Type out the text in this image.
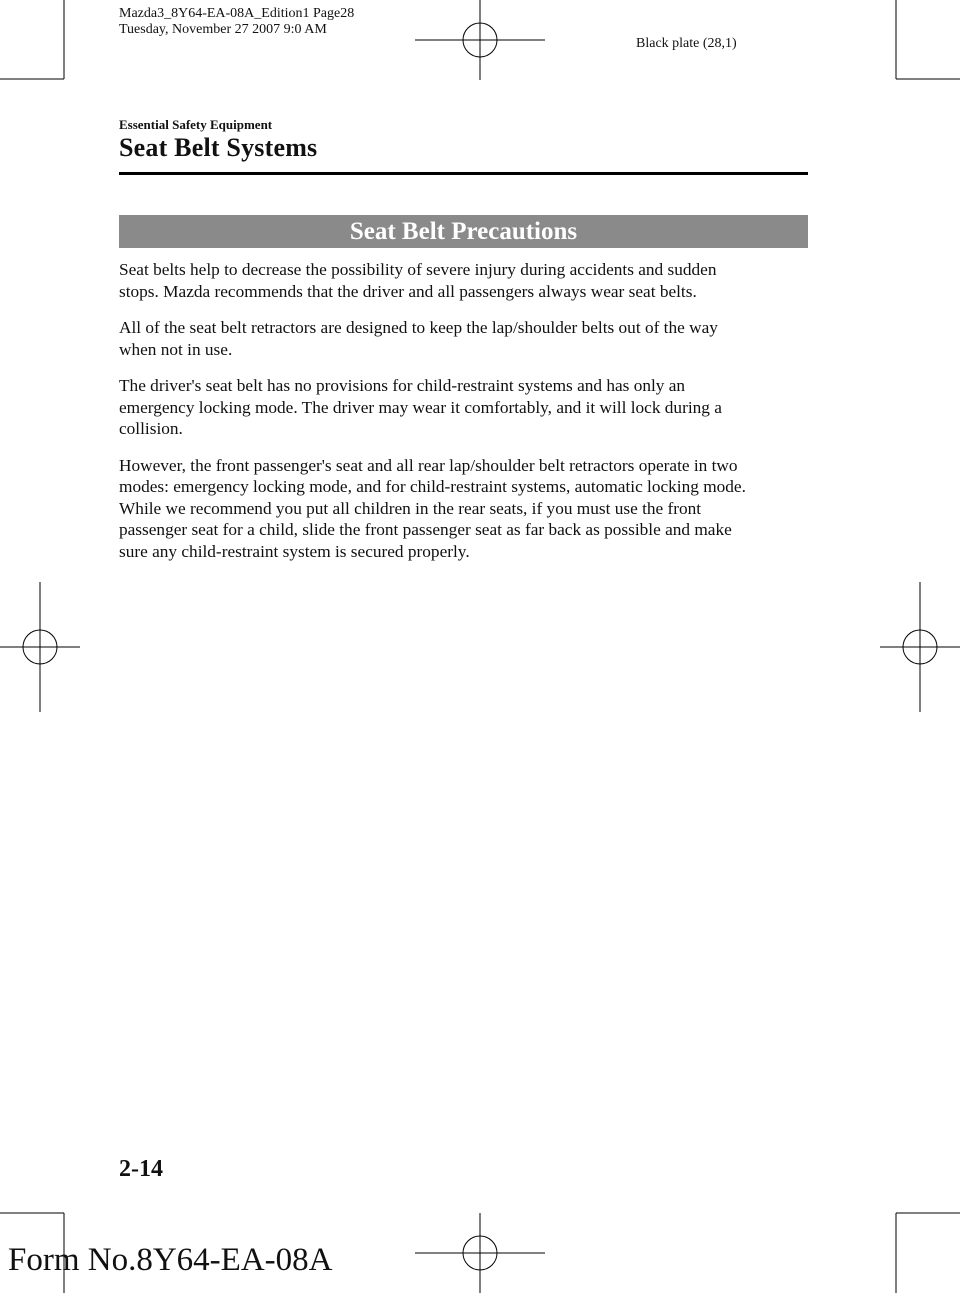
Mazda3_8Y64-EA-08A_Edition1 Page28
Tuesday, November 27 2007 9:0 AM
Black plate (28,1)
Essential Safety Equipment
Seat Belt Systems
Seat Belt Precautions

Seat belts help to decrease the possibility of severe injury during accidents and sudden
stops. Mazda recommends that the driver and all passengers always wear seat belts.

All of the seat belt retractors are designed to keep the lap/shoulder belts out of the way
when not in use.

The driver's seat belt has no provisions for child-restraint systems and has only an
emergency locking mode. The driver may wear it comfortably, and it will lock during a
collision.

However, the front passenger's seat and all rear lap/shoulder belt retractors operate in two
modes: emergency locking mode, and for child-restraint systems, automatic locking mode.
While we recommend you put all children in the rear seats, if you must use the front
passenger seat for a child, slide the front passenger seat as far back as possible and make
sure any child-restraint system is secured properly.

2-14
Form No.8Y64-EA-08A
carmanualsonline.info
